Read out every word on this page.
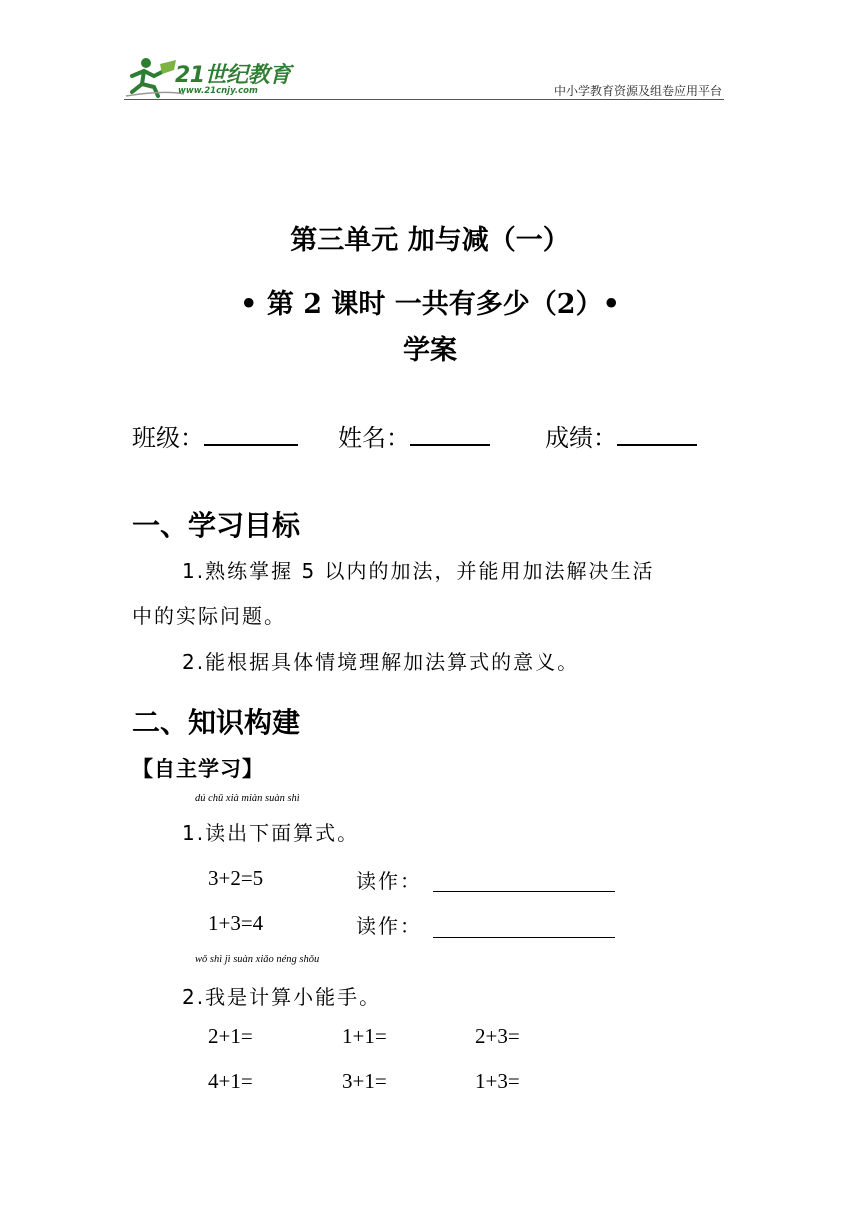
21世纪教育
www.21cnjy.com	中小学教育资源及组卷应用平台
第三单元 加与减（一）
• 第 2 课时 一共有多少（2）•
学案
班级：	姓名：	成绩：
一、学习目标
1.熟练掌握 5 以内的加法，并能用加法解决生活
中的实际问题。
2.能根据具体情境理解加法算式的意义。
二、知识构建
【自主学习】
dú chū xià miàn suàn shì
1.读出下面算式。
3+2=5	读作：
1+3=4	读作：
wǒ shì jì suàn xiǎo néng shǒu
2.我是计算小能手。
2+1=	1+1=	2+3=
4+1=	3+1=	1+3=
